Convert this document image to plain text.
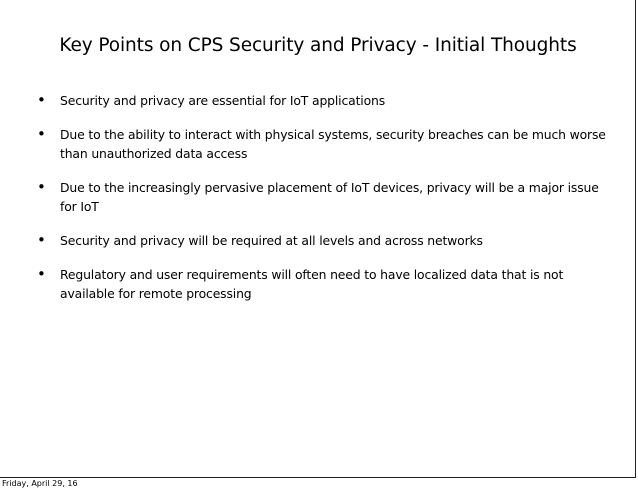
Key Points on CPS Security and Privacy - Initial Thoughts
• Security and privacy are essential for IoT applications
• Due to the ability to interact with physical systems, security breaches can be much worse than unauthorized data access
• Due to the increasingly pervasive placement of IoT devices, privacy will be a major issue for IoT
• Security and privacy will be required at all levels and across networks
• Regulatory and user requirements will often need to have localized data that is not available for remote processing
Friday, April 29, 16
